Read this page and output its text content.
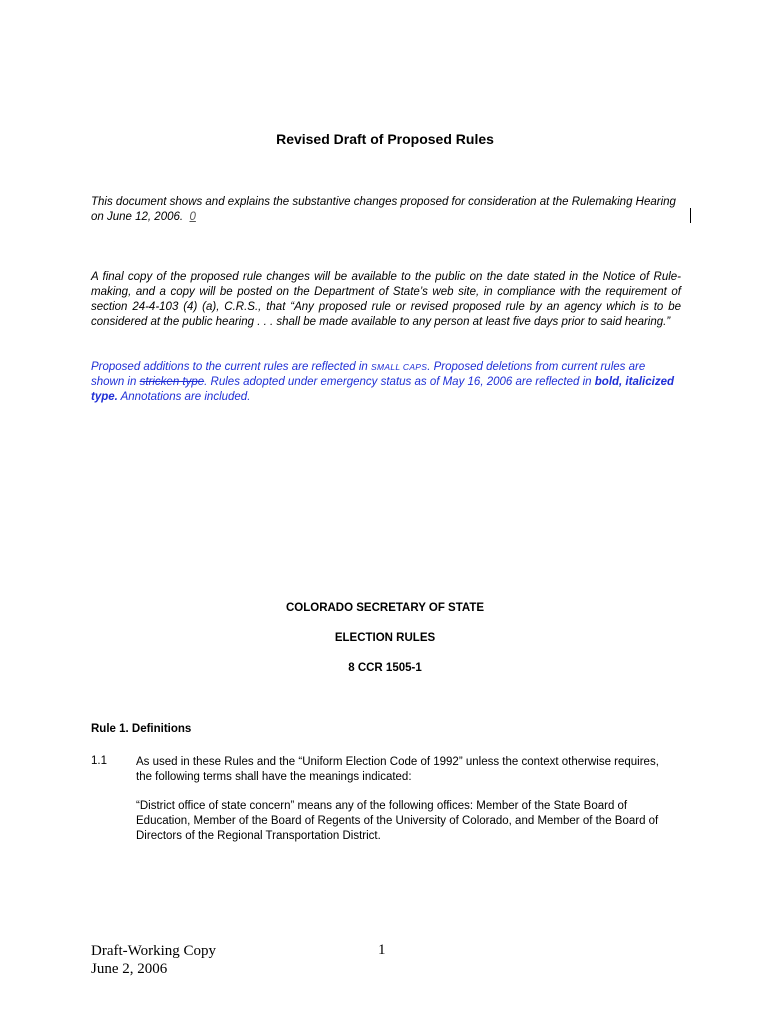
Revised Draft of Proposed Rules
This document shows and explains the substantive changes proposed for consideration at the Rulemaking Hearing on June 12, 2006. 0
A final copy of the proposed rule changes will be available to the public on the date stated in the Notice of Rule-making, and a copy will be posted on the Department of State’s web site, in compliance with the requirement of section 24-4-103 (4) (a), C.R.S., that “Any proposed rule or revised proposed rule by an agency which is to be considered at the public hearing . . . shall be made available to any person at least five days prior to said hearing.”
Proposed additions to the current rules are reflected in SMALL CAPS. Proposed deletions from current rules are shown in stricken type. Rules adopted under emergency status as of May 16, 2006 are reflected in bold, italicized type. Annotations are included.
COLORADO SECRETARY OF STATE
ELECTION RULES
8 CCR 1505-1
Rule 1. Definitions
1.1	As used in these Rules and the “Uniform Election Code of 1992” unless the context otherwise requires, the following terms shall have the meanings indicated:
“District office of state concern” means any of the following offices: Member of the State Board of Education, Member of the Board of Regents of the University of Colorado, and Member of the Board of Directors of the Regional Transportation District.
Draft-Working Copy
June 2, 2006
1
